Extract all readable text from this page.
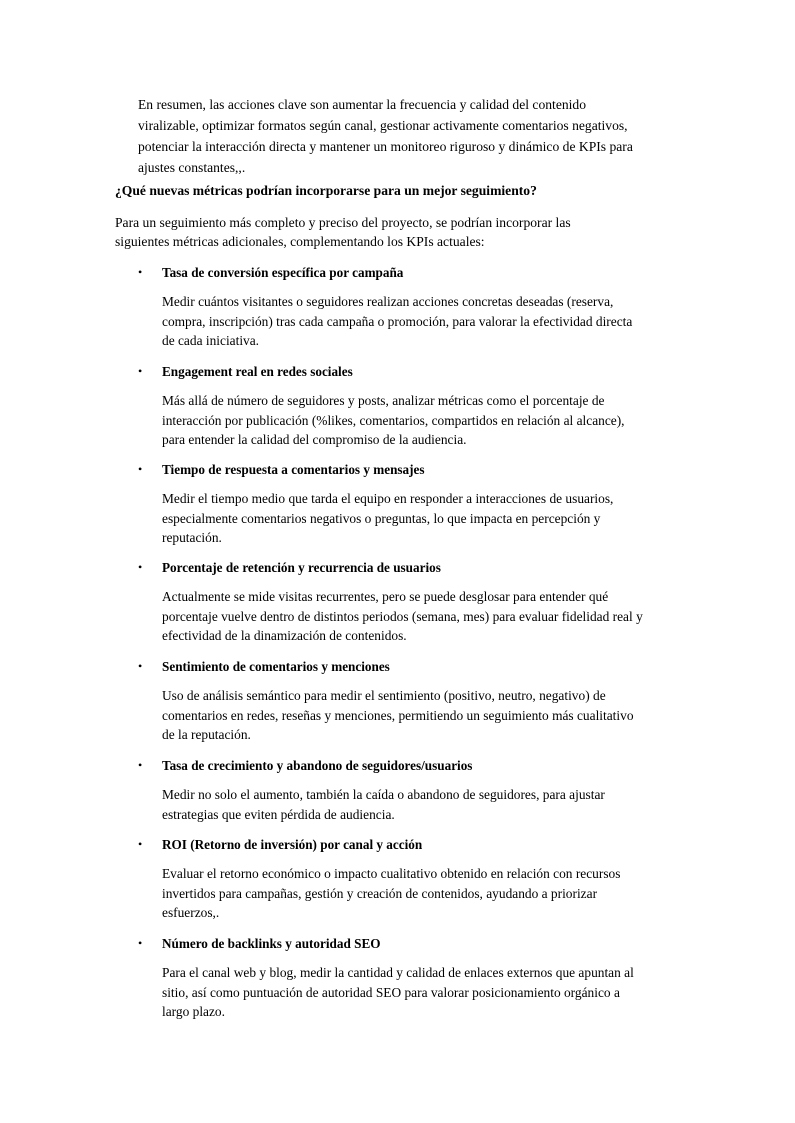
En resumen, las acciones clave son aumentar la frecuencia y calidad del contenido viralizable, optimizar formatos según canal, gestionar activamente comentarios negativos, potenciar la interacción directa y mantener un monitoreo riguroso y dinámico de KPIs para ajustes constantes,,.

¿Qué nuevas métricas podrían incorporarse para un mejor seguimiento?

Para un seguimiento más completo y preciso del proyecto, se podrían incorporar las siguientes métricas adicionales, complementando los KPIs actuales:

• Tasa de conversión específica por campaña

Medir cuántos visitantes o seguidores realizan acciones concretas deseadas (reserva, compra, inscripción) tras cada campaña o promoción, para valorar la efectividad directa de cada iniciativa.

• Engagement real en redes sociales

Más allá de número de seguidores y posts, analizar métricas como el porcentaje de interacción por publicación (%likes, comentarios, compartidos en relación al alcance), para entender la calidad del compromiso de la audiencia.

• Tiempo de respuesta a comentarios y mensajes

Medir el tiempo medio que tarda el equipo en responder a interacciones de usuarios, especialmente comentarios negativos o preguntas, lo que impacta en percepción y reputación.

• Porcentaje de retención y recurrencia de usuarios

Actualmente se mide visitas recurrentes, pero se puede desglosar para entender qué porcentaje vuelve dentro de distintos periodos (semana, mes) para evaluar fidelidad real y efectividad de la dinamización de contenidos.

• Sentimiento de comentarios y menciones

Uso de análisis semántico para medir el sentimiento (positivo, neutro, negativo) de comentarios en redes, reseñas y menciones, permitiendo un seguimiento más cualitativo de la reputación.

• Tasa de crecimiento y abandono de seguidores/usuarios

Medir no solo el aumento, también la caída o abandono de seguidores, para ajustar estrategias que eviten pérdida de audiencia.

• ROI (Retorno de inversión) por canal y acción

Evaluar el retorno económico o impacto cualitativo obtenido en relación con recursos invertidos para campañas, gestión y creación de contenidos, ayudando a priorizar esfuerzos,.

• Número de backlinks y autoridad SEO

Para el canal web y blog, medir la cantidad y calidad de enlaces externos que apuntan al sitio, así como puntuación de autoridad SEO para valorar posicionamiento orgánico a largo plazo.
